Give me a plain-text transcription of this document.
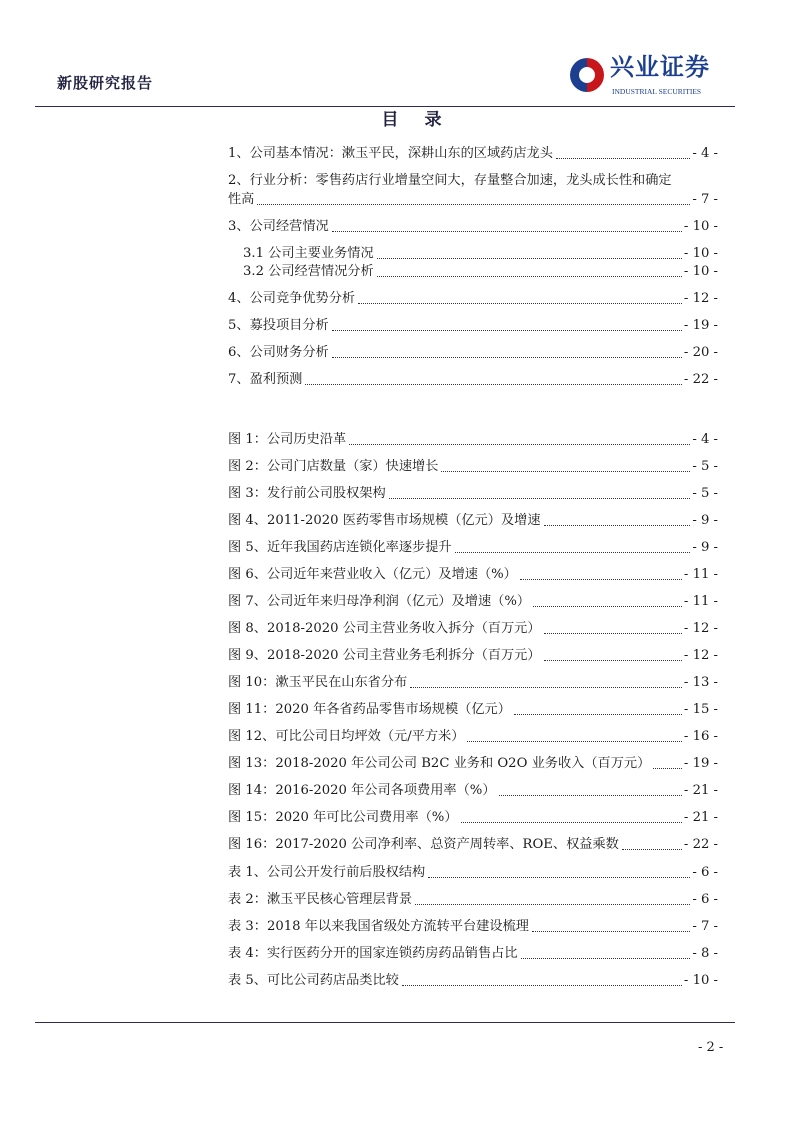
新股研究报告
兴业证券
INDUSTRIAL SECURITIES
目 录
1、公司基本情况：漱玉平民，深耕山东的区域药店龙头	- 4 -
2、行业分析：零售药店行业增量空间大，存量整合加速，龙头成长性和确定
性高	- 7 -
3、公司经营情况	- 10 -
3.1 公司主要业务情况	- 10 -
3.2 公司经营情况分析	- 10 -
4、公司竞争优势分析	- 12 -
5、募投项目分析	- 19 -
6、公司财务分析	- 20 -
7、盈利预测	- 22 -
图 1：公司历史沿革	- 4 -
图 2：公司门店数量（家）快速增长	- 5 -
图 3：发行前公司股权架构	- 5 -
图 4、2011-2020 医药零售市场规模（亿元）及增速	- 9 -
图 5、近年我国药店连锁化率逐步提升	- 9 -
图 6、公司近年来营业收入（亿元）及增速（%）	- 11 -
图 7、公司近年来归母净利润（亿元）及增速（%）	- 11 -
图 8、2018-2020 公司主营业务收入拆分（百万元）	- 12 -
图 9、2018-2020 公司主营业务毛利拆分（百万元）	- 12 -
图 10：漱玉平民在山东省分布	- 13 -
图 11：2020 年各省药品零售市场规模（亿元）	- 15 -
图 12、可比公司日均坪效（元/平方米）	- 16 -
图 13：2018-2020 年公司公司 B2C 业务和 O2O 业务收入（百万元）	- 19 -
图 14：2016-2020 年公司各项费用率（%）	- 21 -
图 15：2020 年可比公司费用率（%）	- 21 -
图 16：2017-2020 公司净利率、总资产周转率、ROE、权益乘数	- 22 -
表 1、公司公开发行前后股权结构	- 6 -
表 2：漱玉平民核心管理层背景	- 6 -
表 3：2018 年以来我国省级处方流转平台建设梳理	- 7 -
表 4：实行医药分开的国家连锁药房药品销售占比	- 8 -
表 5、可比公司药店品类比较	- 10 -
- 2 -
